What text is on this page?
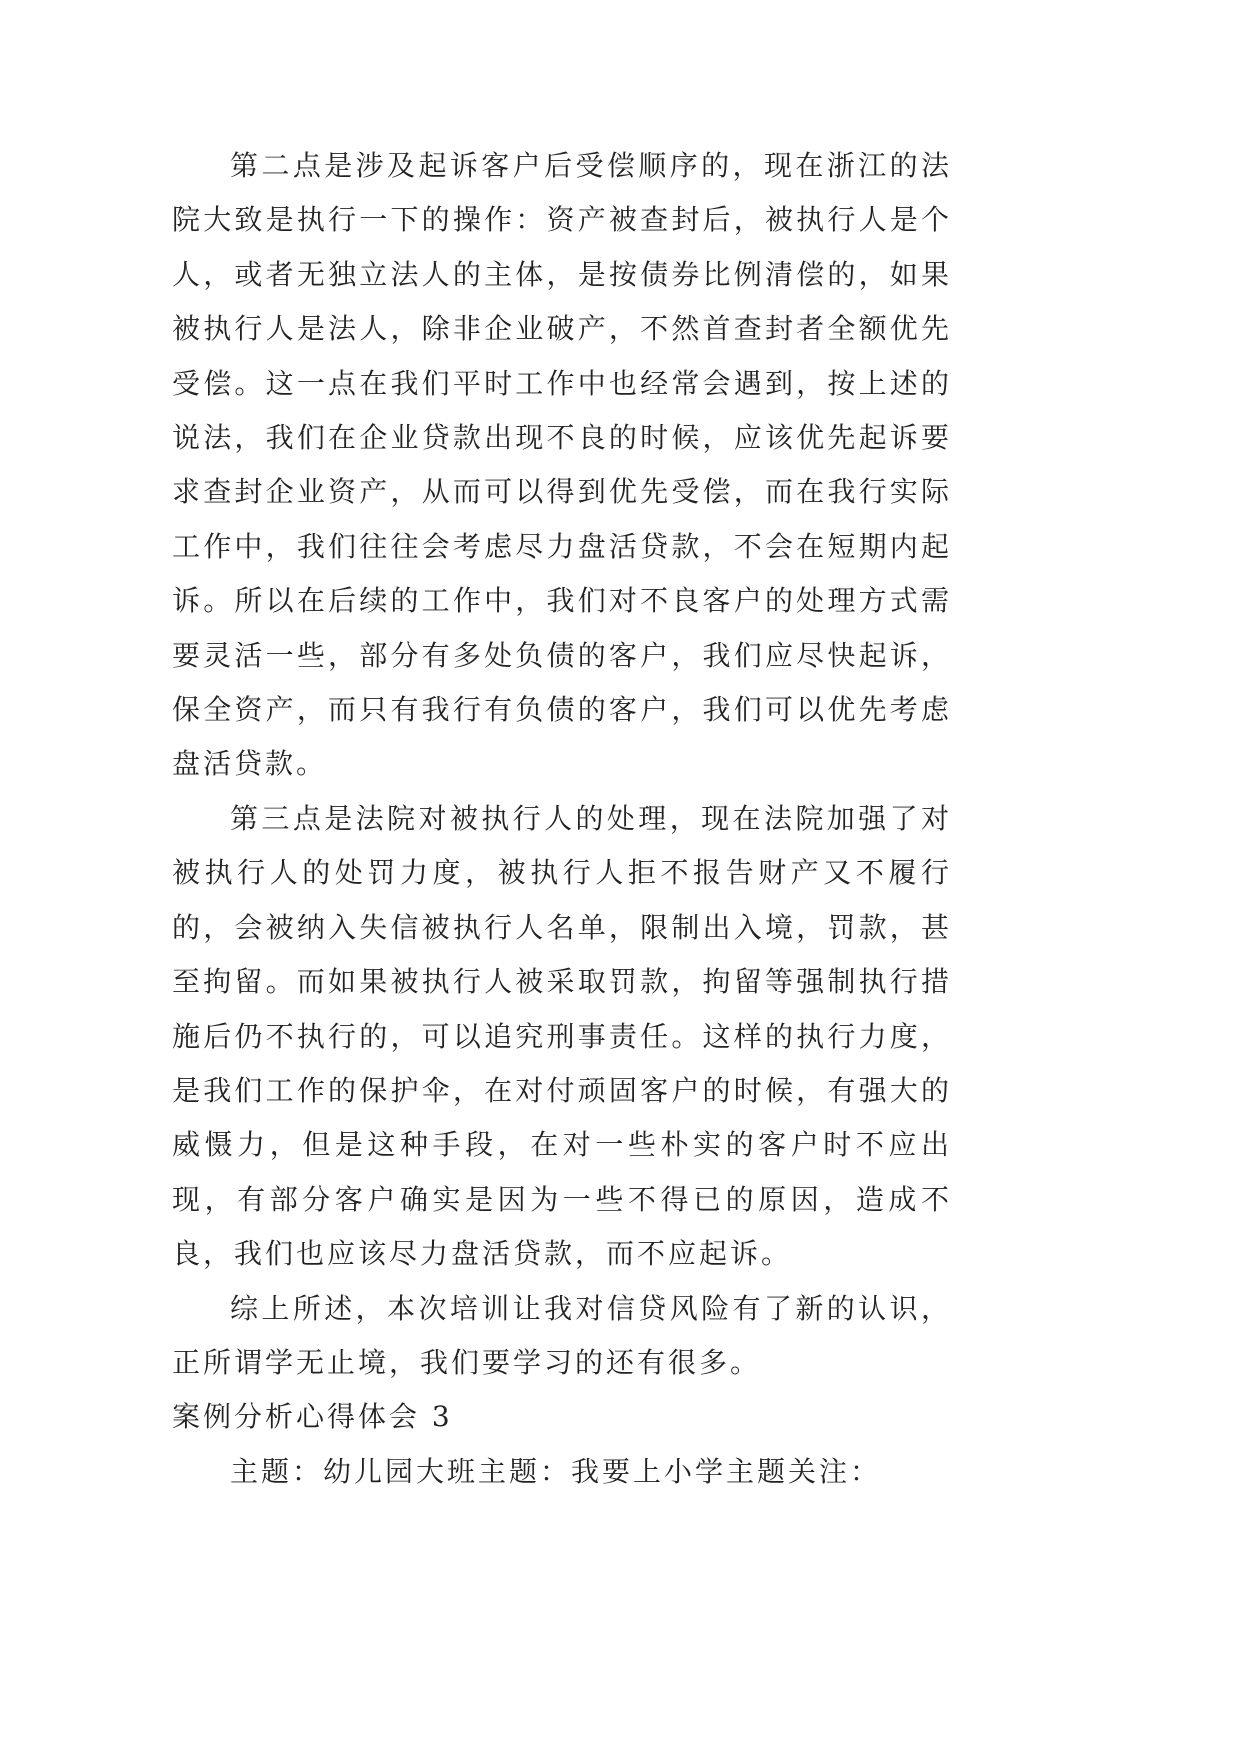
第二点是涉及起诉客户后受偿顺序的，现在浙江的法院大致是执行一下的操作：资产被查封后，被执行人是个人，或者无独立法人的主体，是按债券比例清偿的，如果被执行人是法人，除非企业破产，不然首查封者全额优先受偿。这一点在我们平时工作中也经常会遇到，按上述的说法，我们在企业贷款出现不良的时候，应该优先起诉要求查封企业资产，从而可以得到优先受偿，而在我行实际工作中，我们往往会考虑尽力盘活贷款，不会在短期内起诉。所以在后续的工作中，我们对不良客户的处理方式需要灵活一些，部分有多处负债的客户，我们应尽快起诉，保全资产，而只有我行有负债的客户，我们可以优先考虑盘活贷款。

第三点是法院对被执行人的处理，现在法院加强了对被执行人的处罚力度，被执行人拒不报告财产又不履行的，会被纳入失信被执行人名单，限制出入境，罚款，甚至拘留。而如果被执行人被采取罚款，拘留等强制执行措施后仍不执行的，可以追究刑事责任。这样的执行力度，是我们工作的保护伞，在对付顽固客户的时候，有强大的威慑力，但是这种手段，在对一些朴实的客户时不应出现，有部分客户确实是因为一些不得已的原因，造成不良，我们也应该尽力盘活贷款，而不应起诉。

综上所述，本次培训让我对信贷风险有了新的认识，正所谓学无止境，我们要学习的还有很多。

案例分析心得体会 3

主题：幼儿园大班主题：我要上小学主题关注：
